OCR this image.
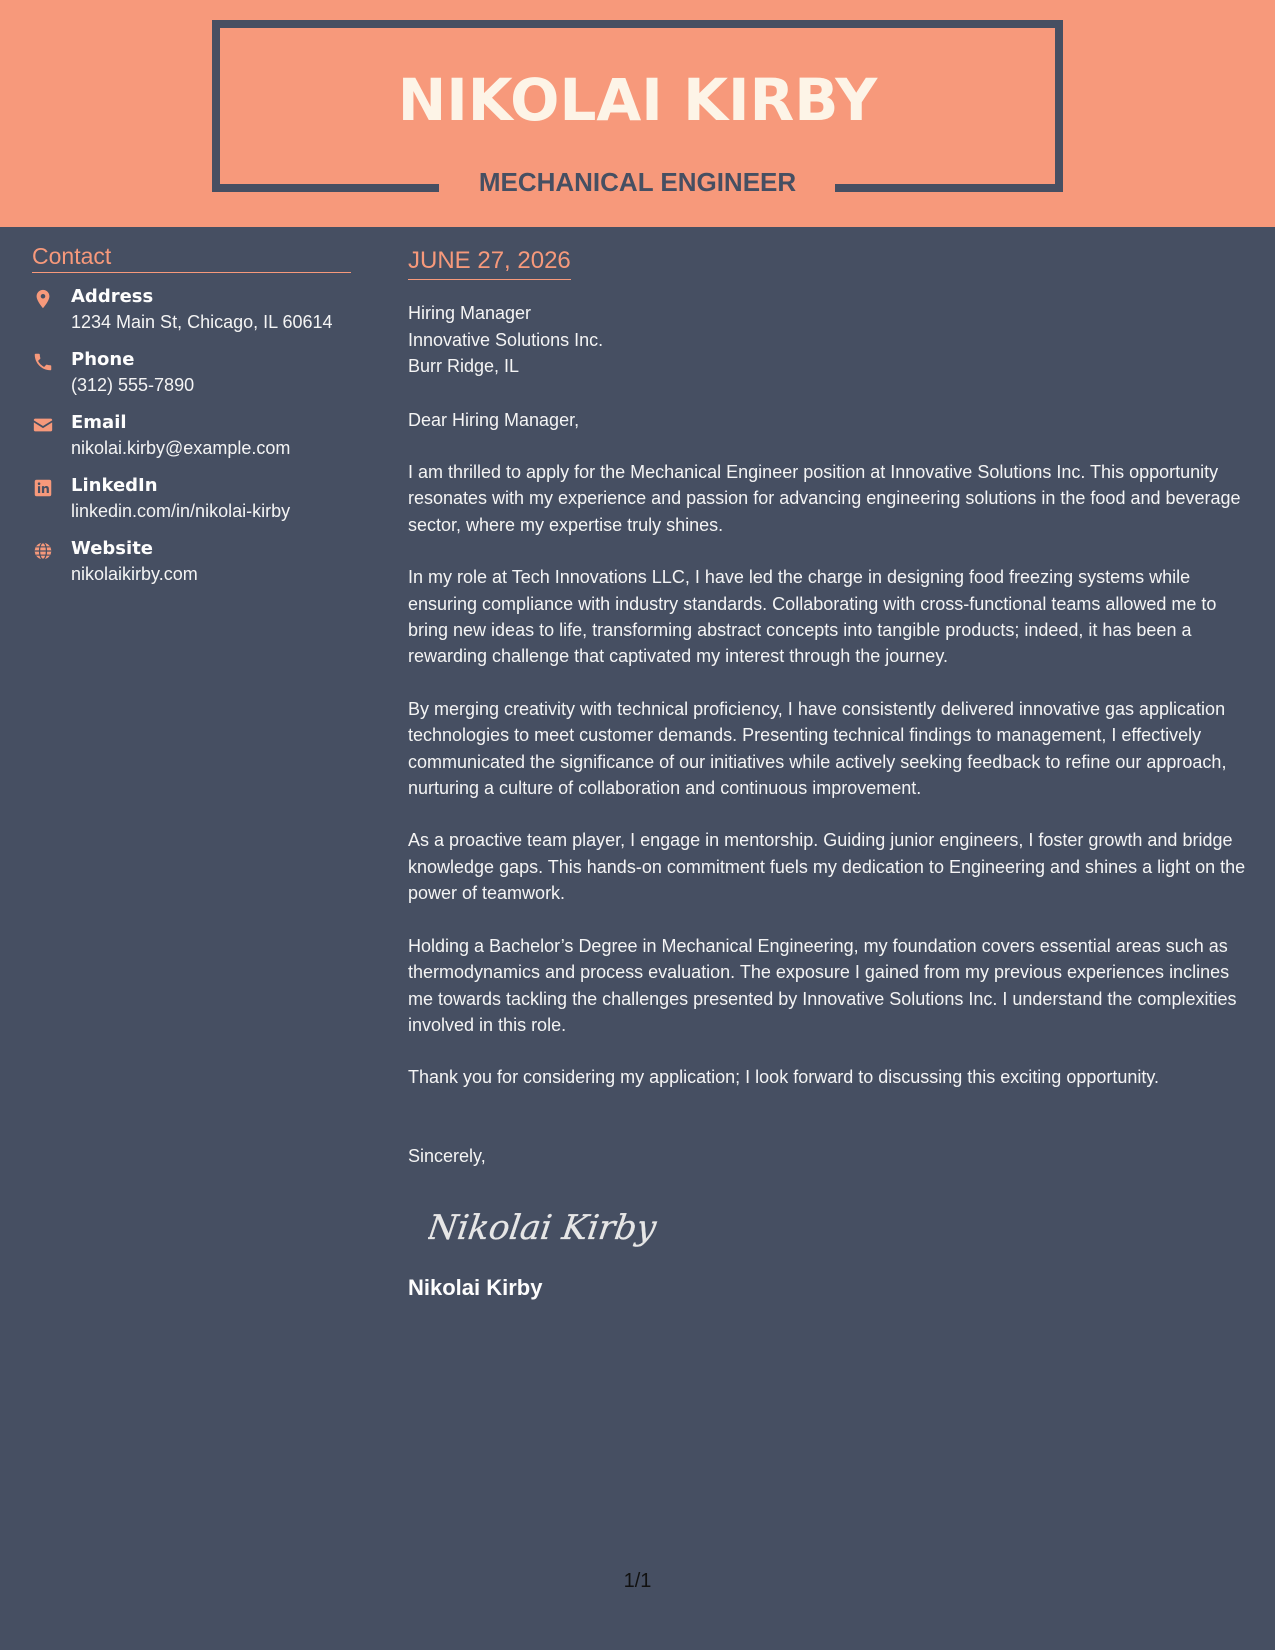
NIKOLAI KIRBY
MECHANICAL ENGINEER
Contact
Address
1234 Main St, Chicago, IL 60614
Phone
(312) 555-7890
Email
nikolai.kirby@example.com
LinkedIn
linkedin.com/in/nikolai-kirby
Website
nikolaikirby.com
JUNE 27, 2026
Hiring Manager
Innovative Solutions Inc.
Burr Ridge, IL
Dear Hiring Manager,
I am thrilled to apply for the Mechanical Engineer position at Innovative Solutions Inc. This opportunity resonates with my experience and passion for advancing engineering solutions in the food and beverage sector, where my expertise truly shines.
In my role at Tech Innovations LLC, I have led the charge in designing food freezing systems while ensuring compliance with industry standards. Collaborating with cross-functional teams allowed me to bring new ideas to life, transforming abstract concepts into tangible products; indeed, it has been a rewarding challenge that captivated my interest through the journey.
By merging creativity with technical proficiency, I have consistently delivered innovative gas application technologies to meet customer demands. Presenting technical findings to management, I effectively communicated the significance of our initiatives while actively seeking feedback to refine our approach, nurturing a culture of collaboration and continuous improvement.
As a proactive team player, I engage in mentorship. Guiding junior engineers, I foster growth and bridge knowledge gaps. This hands-on commitment fuels my dedication to Engineering and shines a light on the power of teamwork.
Holding a Bachelor’s Degree in Mechanical Engineering, my foundation covers essential areas such as thermodynamics and process evaluation. The exposure I gained from my previous experiences inclines me towards tackling the challenges presented by Innovative Solutions Inc. I understand the complexities involved in this role.
Thank you for considering my application; I look forward to discussing this exciting opportunity.
Sincerely,
Nikolai Kirby
Nikolai Kirby
1/1
